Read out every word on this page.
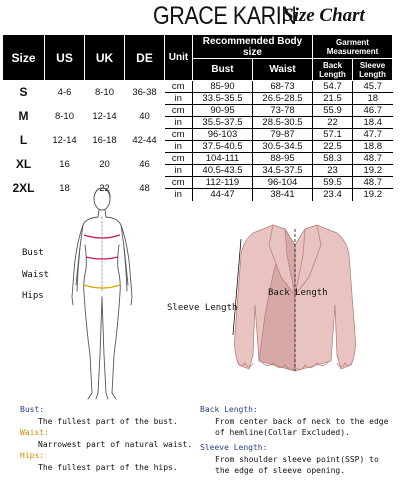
GRACE KARIN
Size Chart
Size	US	UK	DE	Unit	Recommended Body size		Garment Measurement	
					Bust	Waist	Back Length	Sleeve Length
S	4-6	8-10	36-38	cm	85-90	68-73	54.7	45.7
				in	33.5-35.5	26.5-28.5	21.5	18
M	8-10	12-14	40	cm	90-95	73-78	55.9	46.7
				in	35.5-37.5	28.5-30.5	22	18.4
L	12-14	16-18	42-44	cm	96-103	79-87	57.1	47.7
				in	37.5-40.5	30.5-34.5	22.5	18.8
XL	16	20	46	cm	104-111	88-95	58.3	48.7
				in	40.5-43.5	34.5-37.5	23	19.2
2XL	18	22	48	cm	112-119	96-104	59.5	48.7
				in	44-47	38-41	23.4	19.2
Bust
Waist
Hips	Back Length
Sleeve Length
Bust:
The fullest part of the bust.
Waist:
Narrowest part of natural waist.
Hips:
The fullest part of the hips.
Back Length:
From center back of neck to the edge
of hemline(Collar Excluded).
Sleeve Length:
From shoulder sleeve point(SSP) to
the edge of sleeve opening.
